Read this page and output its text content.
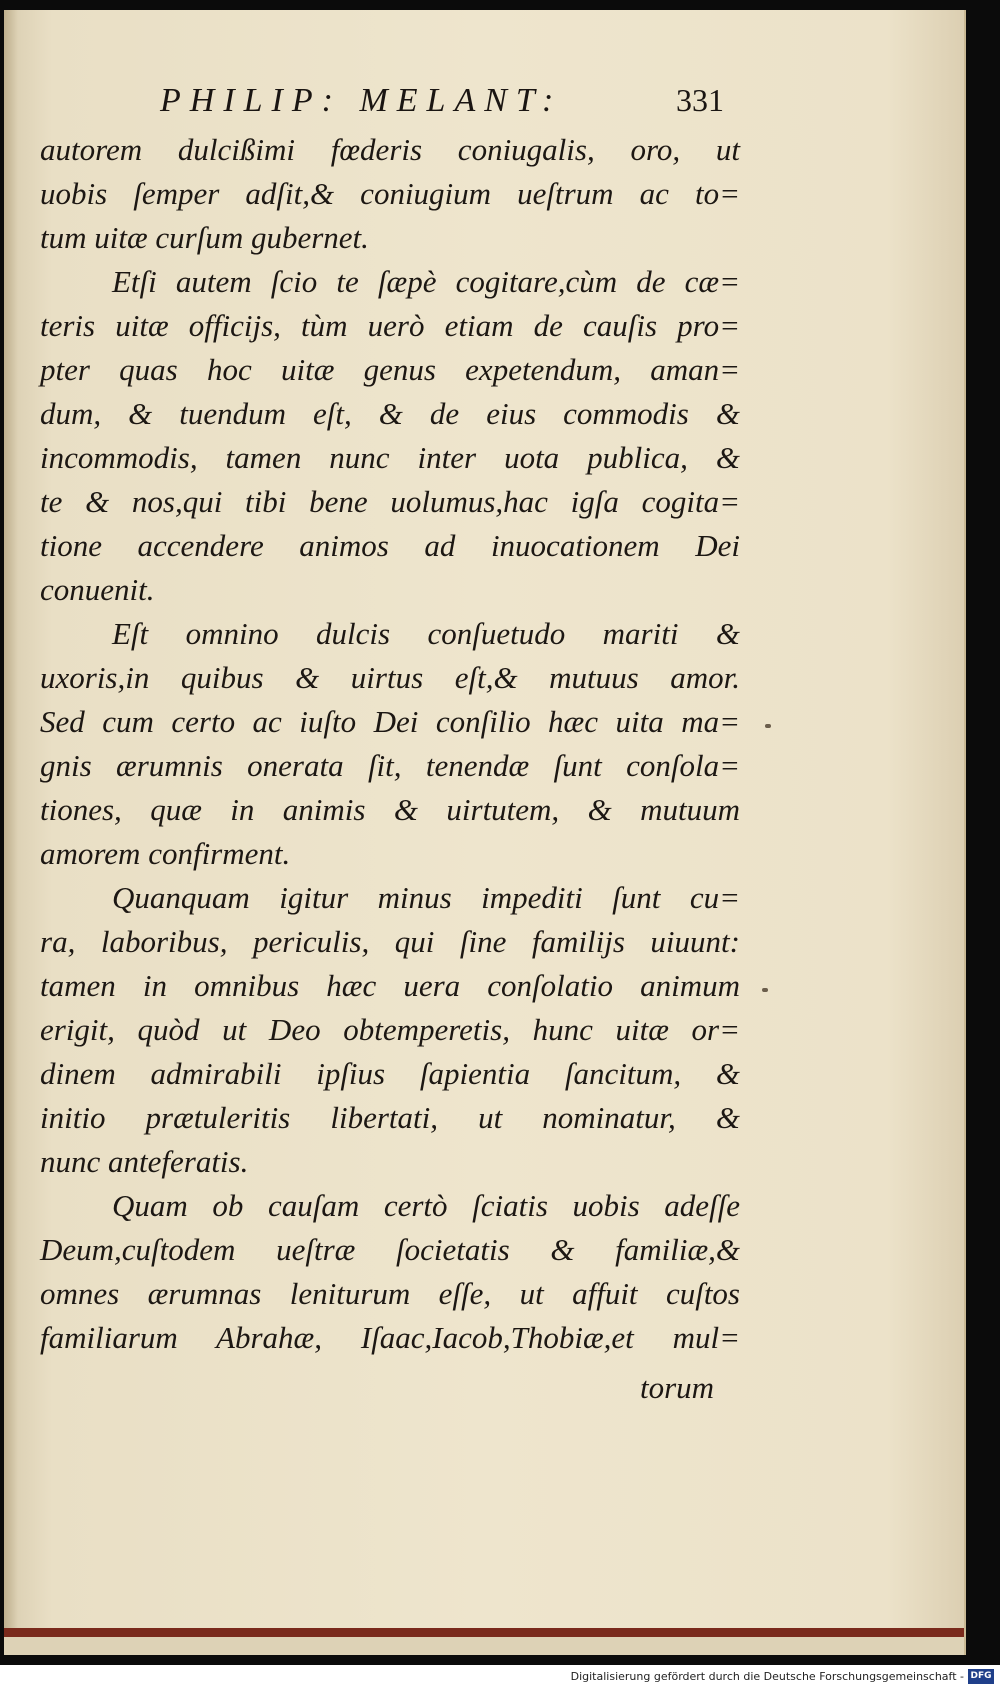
PHILIP: MELANT:	331
autorem dulcißimi fœderis coniugalis, oro, ut
uobis ſemper adſit,& coniugium ueſtrum ac to=
tum uitæ curſum gubernet.
Etſi autem ſcio te ſæpè cogitare,cùm de cæ=
teris uitæ officijs, tùm uerò etiam de cauſis pro=
pter quas hoc uitæ genus expetendum, aman=
dum, & tuendum eſt, & de eius commodis &
incommodis, tamen nunc inter uota publica, &
te & nos,qui tibi bene uolumus,hac igſa cogita=
tione accendere animos ad inuocationem Dei
conuenit.
Eſt omnino dulcis conſuetudo mariti &
uxoris,in quibus & uirtus eſt,& mutuus amor.
Sed cum certo ac iuſto Dei conſilio hæc uita ma=
gnis ærumnis onerata ſit, tenendæ ſunt conſola=
tiones, quæ in animis & uirtutem, & mutuum
amorem confirment.
Quanquam igitur minus impediti ſunt cu=
ra, laboribus, periculis, qui ſine familijs uiuunt:
tamen in omnibus hæc uera conſolatio animum
erigit, quòd ut Deo obtemperetis, hunc uitæ or=
dinem admirabili ipſius ſapientia ſancitum, &
initio prætuleritis libertati, ut nominatur, &
nunc anteferatis.
Quam ob cauſam certò ſciatis uobis adeſſe
Deum,cuſtodem ueſtræ ſocietatis & familiæ,&
omnes ærumnas leniturum eſſe, ut affuit cuſtos
familiarum Abrahæ, Iſaac,Iacob,Thobiæ,et mul=
torum
Digitalisierung gefördert durch die Deutsche Forschungsgemeinschaft - DFG
